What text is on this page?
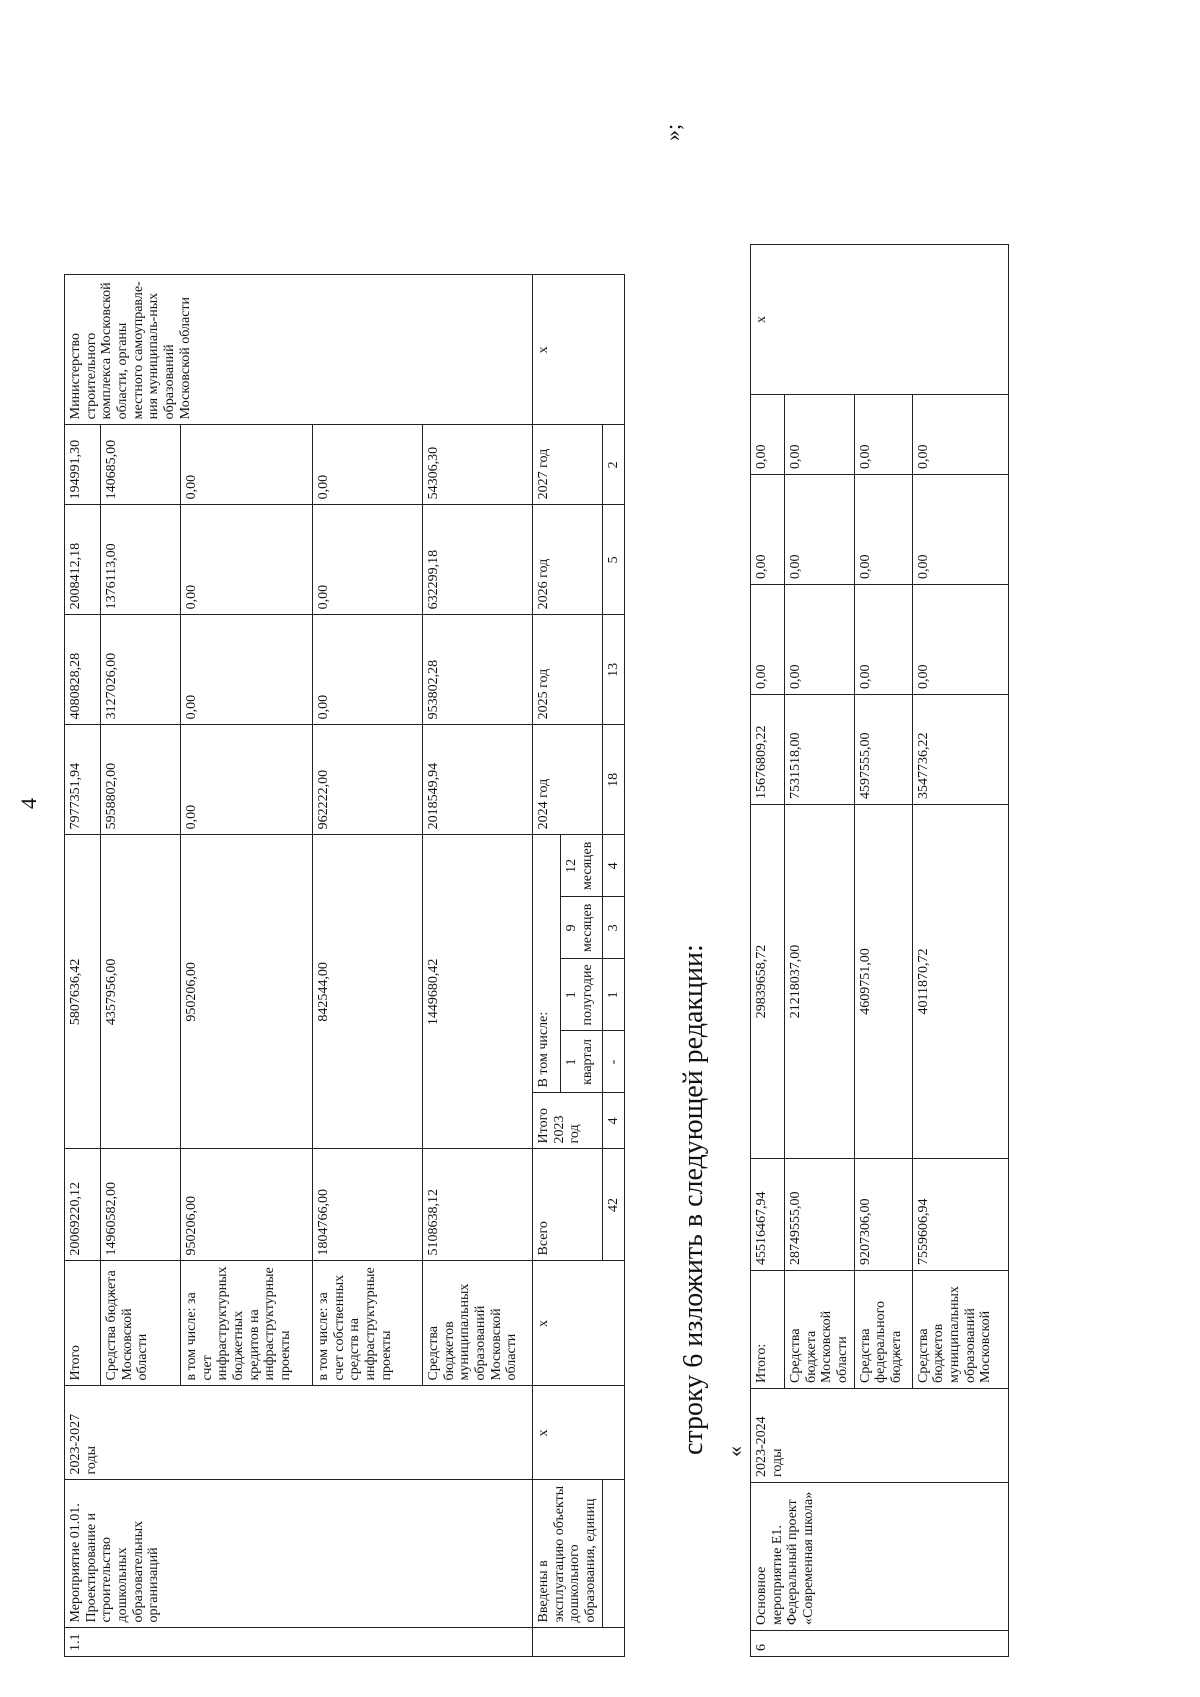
4
1.1	Мероприятие 01.01. Проектирование и строительство дошкольных образовательных организаций	2023-2027 годы	Итого	20069220,12	5807636,42					7977351,94	4080828,28	2008412,18	194991,30	Министерство строительного комплекса Московской области, органы местного самоуправле-ния муниципаль-ных образований Московской области
			Средства бюджета Московской области	14960582,00	4357956,00					5958802,00	3127026,00	1376113,00	140685,00	
			в том числе: за счет инфраструктурных бюджетных кредитов на инфраструктурные проекты	950206,00	950206,00					0,00	0,00	0,00	0,00	
			в том числе: за счет собственных средств на инфраструктурные проекты	1804766,00	842544,00					962222,00	0,00	0,00	0,00	
			Средства бюджетов муниципальных образований Московской области	5108638,12	1449680,42					2018549,94	953802,28	632299,18	54306,30	
	Введены в эксплуатацию объекты дошкольного образования, единиц	х	х	Всего	Итого 2023 год	В том числе:				2024 год	2025 год	2026 год	2027 год	х
						1 квартал	1 полугодие	9 месяцев	12 месяцев					

				42	4	-	1	3	4	18	13	5	2	
»;
строку 6 изложить в следующей редакции: «
6	Основное мероприятие Е1. Федеральный проект «Современная школа»	2023-2024 годы	Итого:	45516467,94	29839658,72	15676809,22	0,00	0,00	0,00	х
			Средства бюджета Московской области	28749555,00	21218037,00	7531518,00	0,00	0,00	0,00	
			Средства федерального бюджета	9207306,00	4609751,00	4597555,00	0,00	0,00	0,00	
			Средства бюджетов муниципальных образований Московской	7559606,94	4011870,72	3547736,22	0,00	0,00	0,00	
